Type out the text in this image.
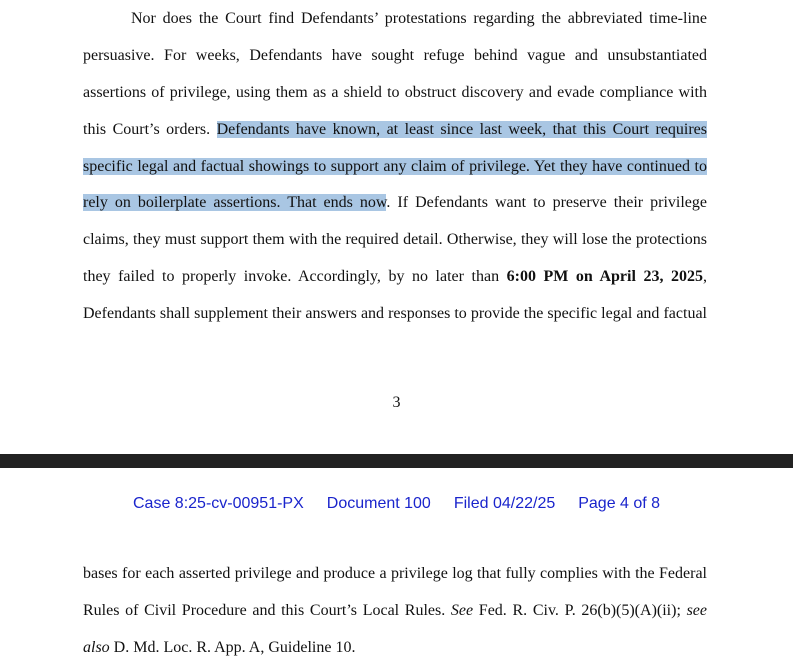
Nor does the Court find Defendants’ protestations regarding the abbreviated time-line
persuasive. For weeks, Defendants have sought refuge behind vague and unsubstantiated
assertions of privilege, using them as a shield to obstruct discovery and evade compliance with
this Court’s orders. Defendants have known, at least since last week, that this Court requires
specific legal and factual showings to support any claim of privilege. Yet they have continued to
rely on boilerplate assertions. That ends now. If Defendants want to preserve their privilege
claims, they must support them with the required detail. Otherwise, they will lose the protections
they failed to properly invoke. Accordingly, by no later than 6:00 PM on April 23, 2025,
Defendants shall supplement their answers and responses to provide the specific legal and factual
3
Case 8:25-cv-00951-PX Document 100 Filed 04/22/25 Page 4 of 8
bases for each asserted privilege and produce a privilege log that fully complies with the Federal
Rules of Civil Procedure and this Court’s Local Rules. See Fed. R. Civ. P. 26(b)(5)(A)(ii); see
also D. Md. Loc. R. App. A, Guideline 10.
